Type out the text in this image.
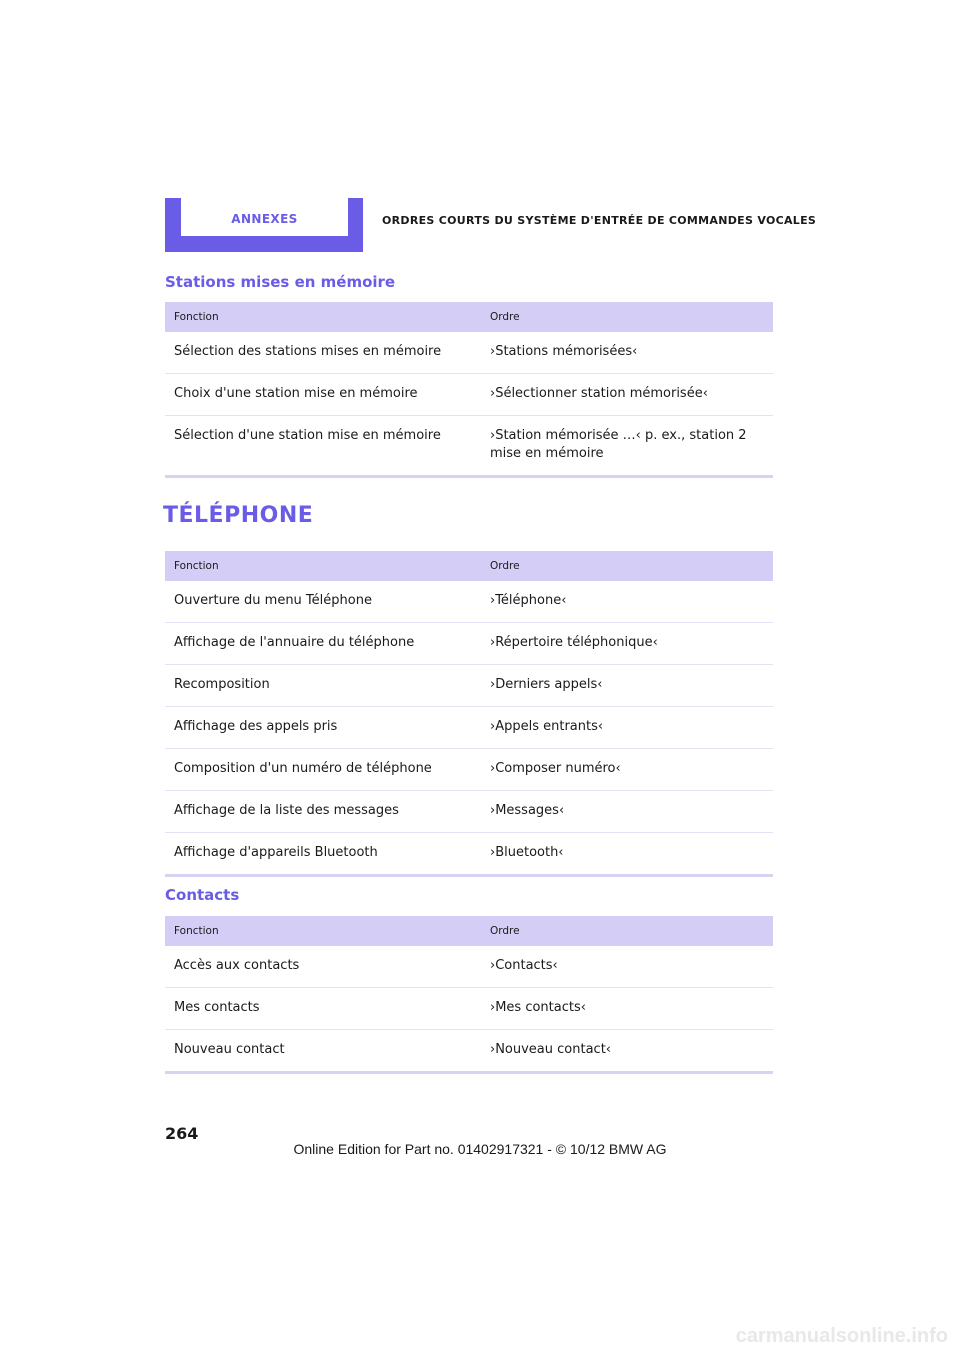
ANNEXES	ORDRES COURTS DU SYSTÈME D'ENTRÉE DE COMMANDES VOCALES
Stations mises en mémoire
Fonction	Ordre
Sélection des stations mises en mémoire	›Stations mémorisées‹
Choix d'une station mise en mémoire	›Sélectionner station mémorisée‹
Sélection d'une station mise en mémoire	›Station mémorisée …‹ p. ex., station 2 mise en mémoire
TÉLÉPHONE
Fonction	Ordre
Ouverture du menu Téléphone	›Téléphone‹
Affichage de l'annuaire du téléphone	›Répertoire téléphonique‹
Recomposition	›Derniers appels‹
Affichage des appels pris	›Appels entrants‹
Composition d'un numéro de téléphone	›Composer numéro‹
Affichage de la liste des messages	›Messages‹
Affichage d'appareils Bluetooth	›Bluetooth‹
Contacts
Fonction	Ordre
Accès aux contacts	›Contacts‹
Mes contacts	›Mes contacts‹
Nouveau contact	›Nouveau contact‹
264
Online Edition for Part no. 01402917321 - © 10/12 BMW AG
carmanualsonline.info
